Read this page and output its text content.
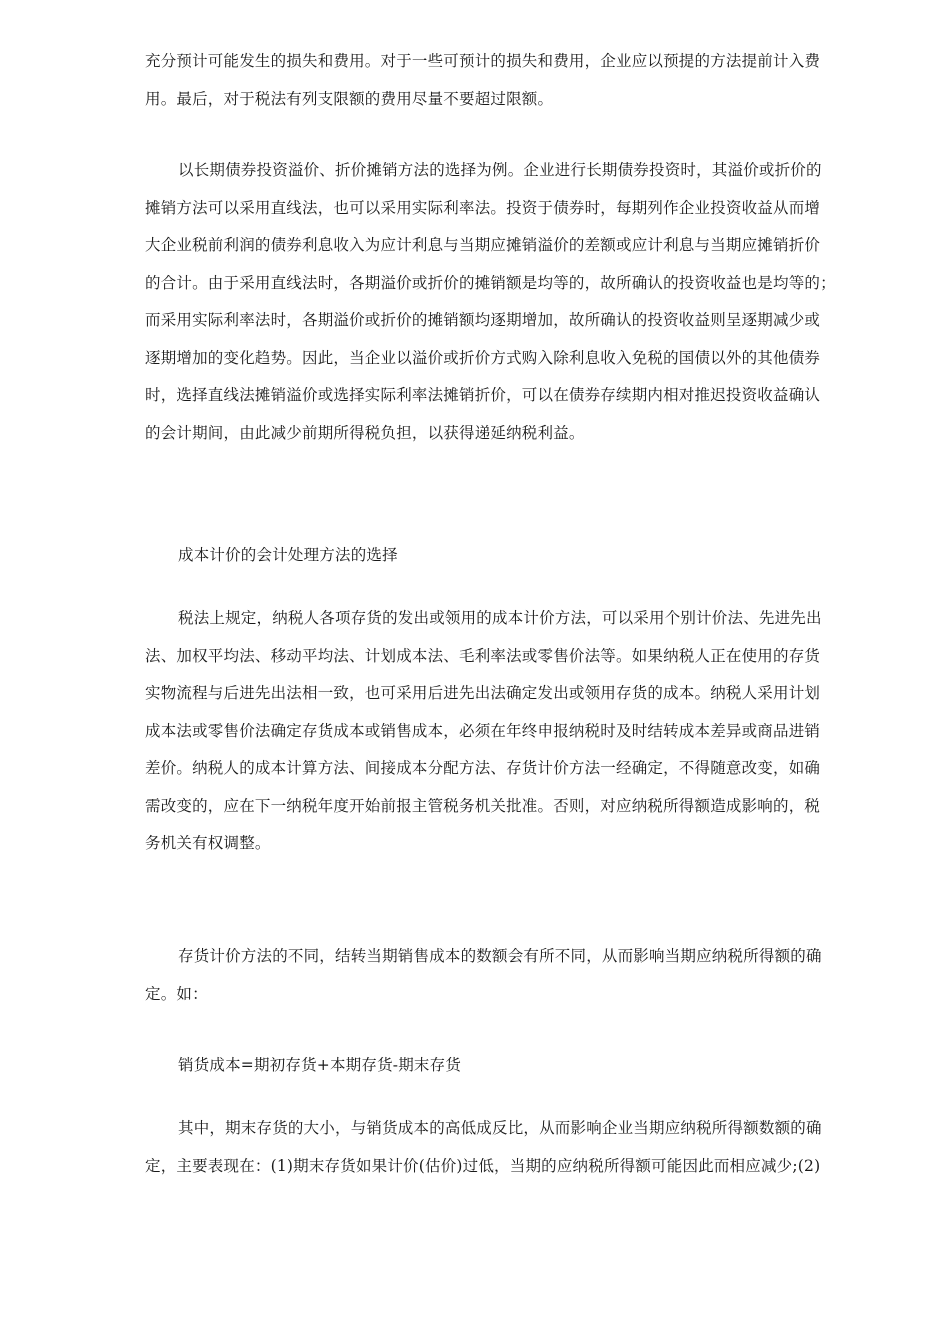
充分预计可能发生的损失和费用。对于一些可预计的损失和费用，企业应以预提的方法提前计入费
用。最后，对于税法有列支限额的费用尽量不要超过限额。

以长期债券投资溢价、折价摊销方法的选择为例。企业进行长期债券投资时，其溢价或折价的
摊销方法可以采用直线法，也可以采用实际利率法。投资于债券时，每期列作企业投资收益从而增
大企业税前利润的债券利息收入为应计利息与当期应摊销溢价的差额或应计利息与当期应摊销折价
的合计。由于采用直线法时，各期溢价或折价的摊销额是均等的，故所确认的投资收益也是均等的；
而采用实际利率法时，各期溢价或折价的摊销额均逐期增加，故所确认的投资收益则呈逐期减少或
逐期增加的变化趋势。因此，当企业以溢价或折价方式购入除利息收入免税的国债以外的其他债券
时，选择直线法摊销溢价或选择实际利率法摊销折价，可以在债券存续期内相对推迟投资收益确认
的会计期间，由此减少前期所得税负担，以获得递延纳税利益。

成本计价的会计处理方法的选择

税法上规定，纳税人各项存货的发出或领用的成本计价方法，可以采用个别计价法、先进先出
法、加权平均法、移动平均法、计划成本法、毛利率法或零售价法等。如果纳税人正在使用的存货
实物流程与后进先出法相一致，也可采用后进先出法确定发出或领用存货的成本。纳税人采用计划
成本法或零售价法确定存货成本或销售成本，必须在年终申报纳税时及时结转成本差异或商品进销
差价。纳税人的成本计算方法、间接成本分配方法、存货计价方法一经确定，不得随意改变，如确
需改变的，应在下一纳税年度开始前报主管税务机关批准。否则，对应纳税所得额造成影响的，税
务机关有权调整。

存货计价方法的不同，结转当期销售成本的数额会有所不同，从而影响当期应纳税所得额的确
定。如：

销货成本=期初存货+本期存货-期末存货

其中，期末存货的大小，与销货成本的高低成反比，从而影响企业当期应纳税所得额数额的确
定，主要表现在：(1)期末存货如果计价(估价)过低，当期的应纳税所得额可能因此而相应减少;(2)
